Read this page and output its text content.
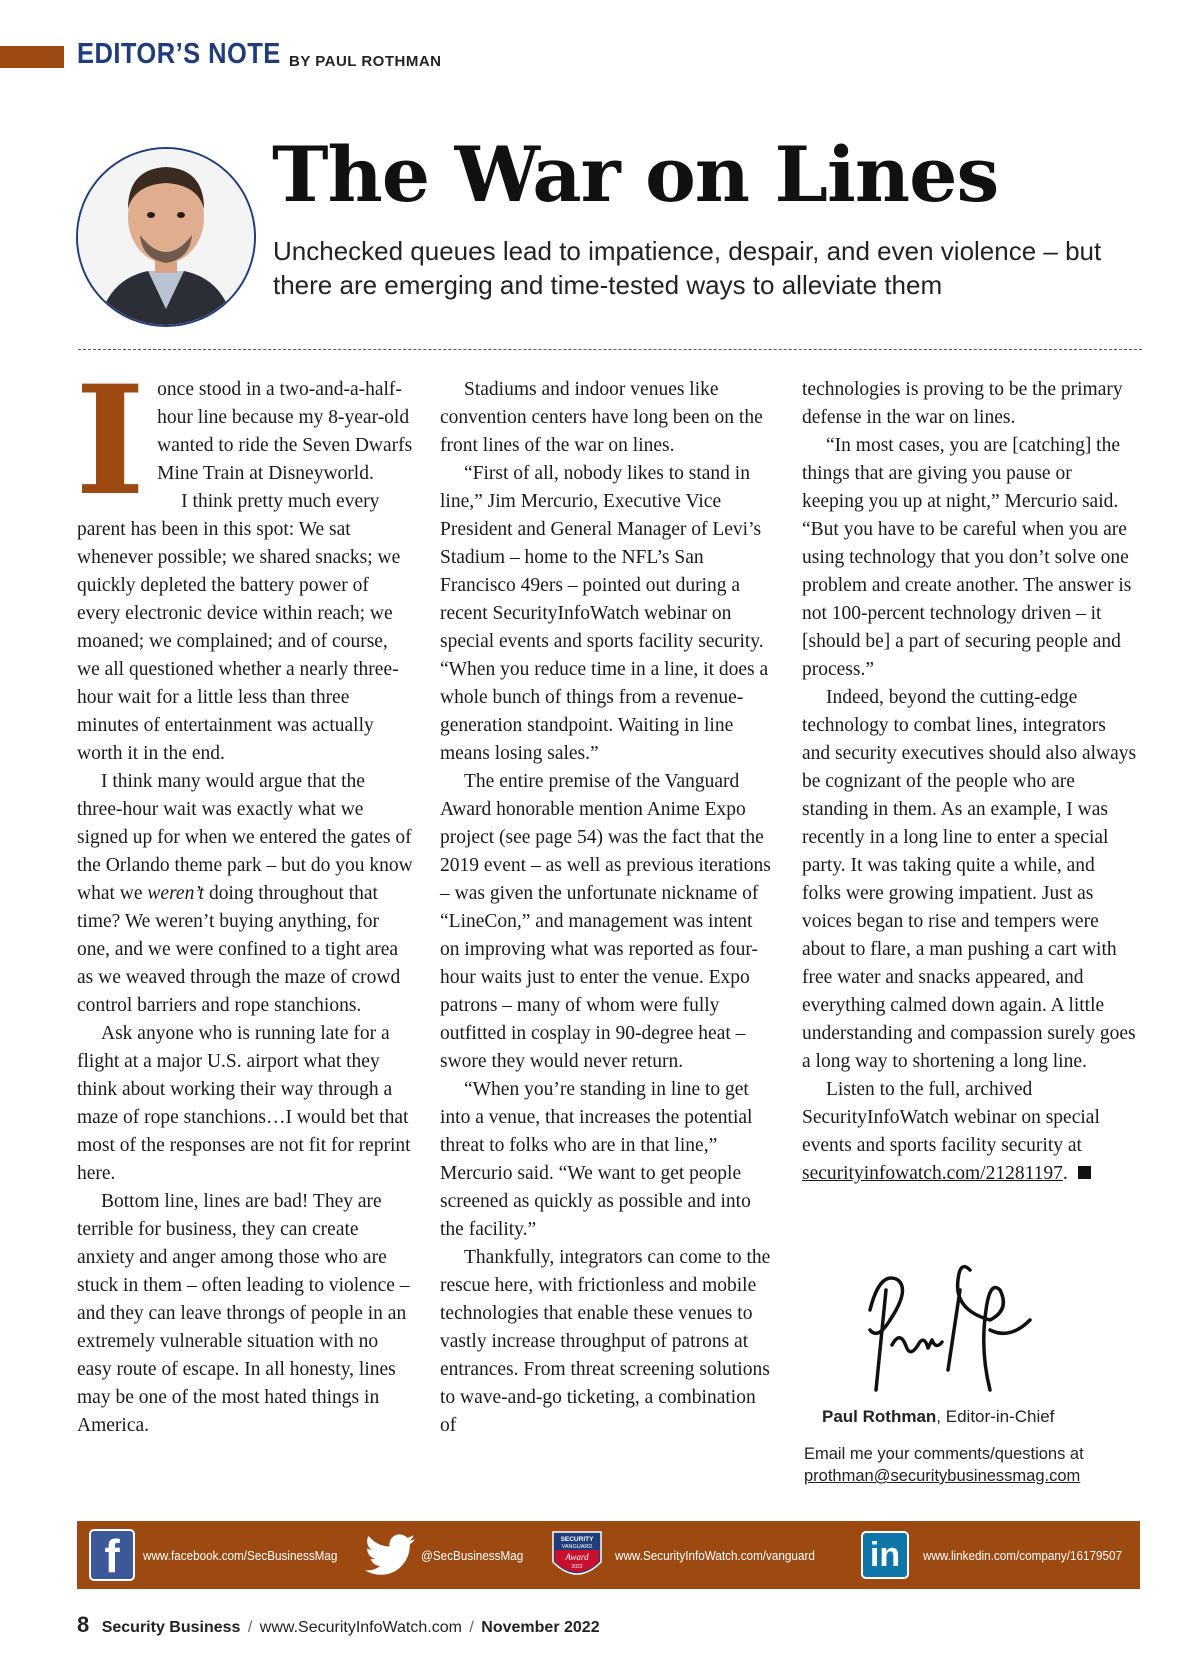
EDITOR’S NOTE BY PAUL ROTHMAN
The War on Lines
Unchecked queues lead to impatience, despair, and even violence – but there are emerging and time-tested ways to alleviate them

Ionce stood in a two-and-a-half-hour line because my 8-year-old wanted to ride the Seven Dwarfs Mine Train at Disneyworld.

I think pretty much every parent has been in this spot: We sat whenever possible; we shared snacks; we quickly depleted the battery power of every electronic device within reach; we moaned; we complained; and of course, we all questioned whether a nearly three-hour wait for a little less than three minutes of entertainment was actually worth it in the end.

I think many would argue that the three-hour wait was exactly what we signed up for when we entered the gates of the Orlando theme park – but do you know what we weren’t doing throughout that time? We weren’t buying anything, for one, and we were confined to a tight area as we weaved through the maze of crowd control barriers and rope stanchions.

Ask anyone who is running late for a flight at a major U.S. airport what they think about working their way through a maze of rope stanchions…I would bet that most of the responses are not fit for reprint here.

Bottom line, lines are bad! They are terrible for business, they can create anxiety and anger among those who are stuck in them – often leading to violence – and they can leave throngs of people in an extremely vulnerable situation with no easy route of escape. In all honesty, lines may be one of the most hated things in America.

Stadiums and indoor venues like convention centers have long been on the front lines of the war on lines.

“First of all, nobody likes to stand in line,” Jim Mercurio, Executive Vice President and General Manager of Levi’s Stadium – home to the NFL’s San Francisco 49ers – pointed out during a recent SecurityInfoWatch webinar on special events and sports facility security. “When you reduce time in a line, it does a whole bunch of things from a revenue-generation standpoint. Waiting in line means losing sales.”

The entire premise of the Vanguard Award honorable mention Anime Expo project (see page 54) was the fact that the 2019 event – as well as previous iterations – was given the unfortunate nickname of “LineCon,” and management was intent on improving what was reported as four-hour waits just to enter the venue. Expo patrons – many of whom were fully outfitted in cosplay in 90-degree heat – swore they would never return.

“When you’re standing in line to get into a venue, that increases the potential threat to folks who are in that line,” Mercurio said. “We want to get people screened as quickly as possible and into the facility.”

Thankfully, integrators can come to the rescue here, with frictionless and mobile technologies that enable these venues to vastly increase throughput of patrons at entrances. From threat screening solutions to wave-and-go ticketing, a combination of

technologies is proving to be the primary defense in the war on lines.

“In most cases, you are [catching] the things that are giving you pause or keeping you up at night,” Mercurio said. “But you have to be careful when you are using technology that you don’t solve one problem and create another. The answer is not 100-percent technology driven – it [should be] a part of securing people and process.”

Indeed, beyond the cutting-edge technology to combat lines, integrators and security executives should also always be cognizant of the people who are standing in them. As an example, I was recently in a long line to enter a special party. It was taking quite a while, and folks were growing impatient. Just as voices began to rise and tempers were about to flare, a man pushing a cart with free water and snacks appeared, and everything calmed down again. A little understanding and compassion surely goes a long way to shortening a long line.

Listen to the full, archived SecurityInfoWatch webinar on special events and sports facility security at securityinfowatch.com/21281197.

Paul Rothman, Editor-in-Chief
Email me your comments/questions at
prothman@securitybusinessmag.com
f	www.facebook.com/SecBusinessMag	@SecBusinessMag
SECURITY
VANGUARD
Award
2022
www.SecurityInfoWatch.com/vanguard in	www.linkedin.com/company/16179507
8 Security Business / www.SecurityInfoWatch.com / November 2022
